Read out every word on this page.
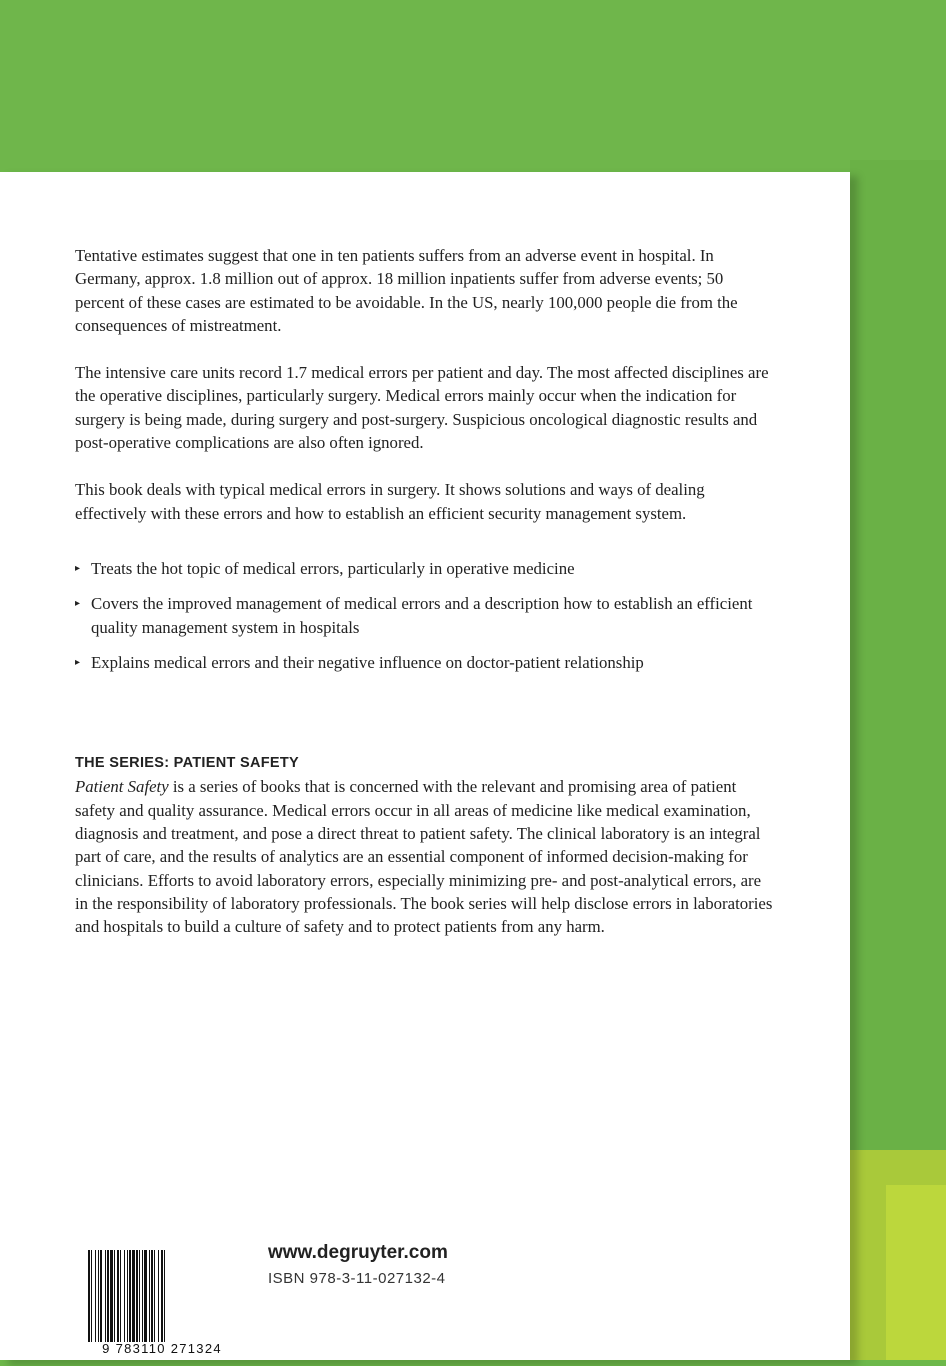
Tentative estimates suggest that one in ten patients suffers from an adverse event in hospital. In Germany, approx. 1.8 million out of approx. 18 million inpatients suffer from adverse events; 50 percent of these cases are estimated to be avoidable. In the US, nearly 100,000 people die from the consequences of mistreatment.

The intensive care units record 1.7 medical errors per patient and day. The most affected disciplines are the operative disciplines, particularly surgery. Medical errors mainly occur when the indication for surgery is being made, during surgery and post-surgery. Suspicious oncological diagnostic results and post-operative complications are also often ignored.

This book deals with typical medical errors in surgery. It shows solutions and ways of dealing effectively with these errors and how to establish an efficient security management system.

▸ Treats the hot topic of medical errors, particularly in operative medicine
▸ Covers the improved management of medical errors and a description how to establish an efficient quality management system in hospitals
▸ Explains medical errors and their negative influence on doctor-patient relationship
THE SERIES: PATIENT SAFETY

Patient Safety is a series of books that is concerned with the relevant and promising area of patient safety and quality assurance. Medical errors occur in all areas of medicine like medical examination, diagnosis and treatment, and pose a direct threat to patient safety. The clinical laboratory is an integral part of care, and the results of analytics are an essential component of informed decision-making for clinicians. Efforts to avoid laboratory errors, especially minimizing pre- and post-analytical errors, are in the responsibility of laboratory professionals. The book series will help disclose errors in laboratories and hospitals to build a culture of safety and to protect patients from any harm.

9 783110 271324
www.degruyter.com
ISBN 978-3-11-027132-4
